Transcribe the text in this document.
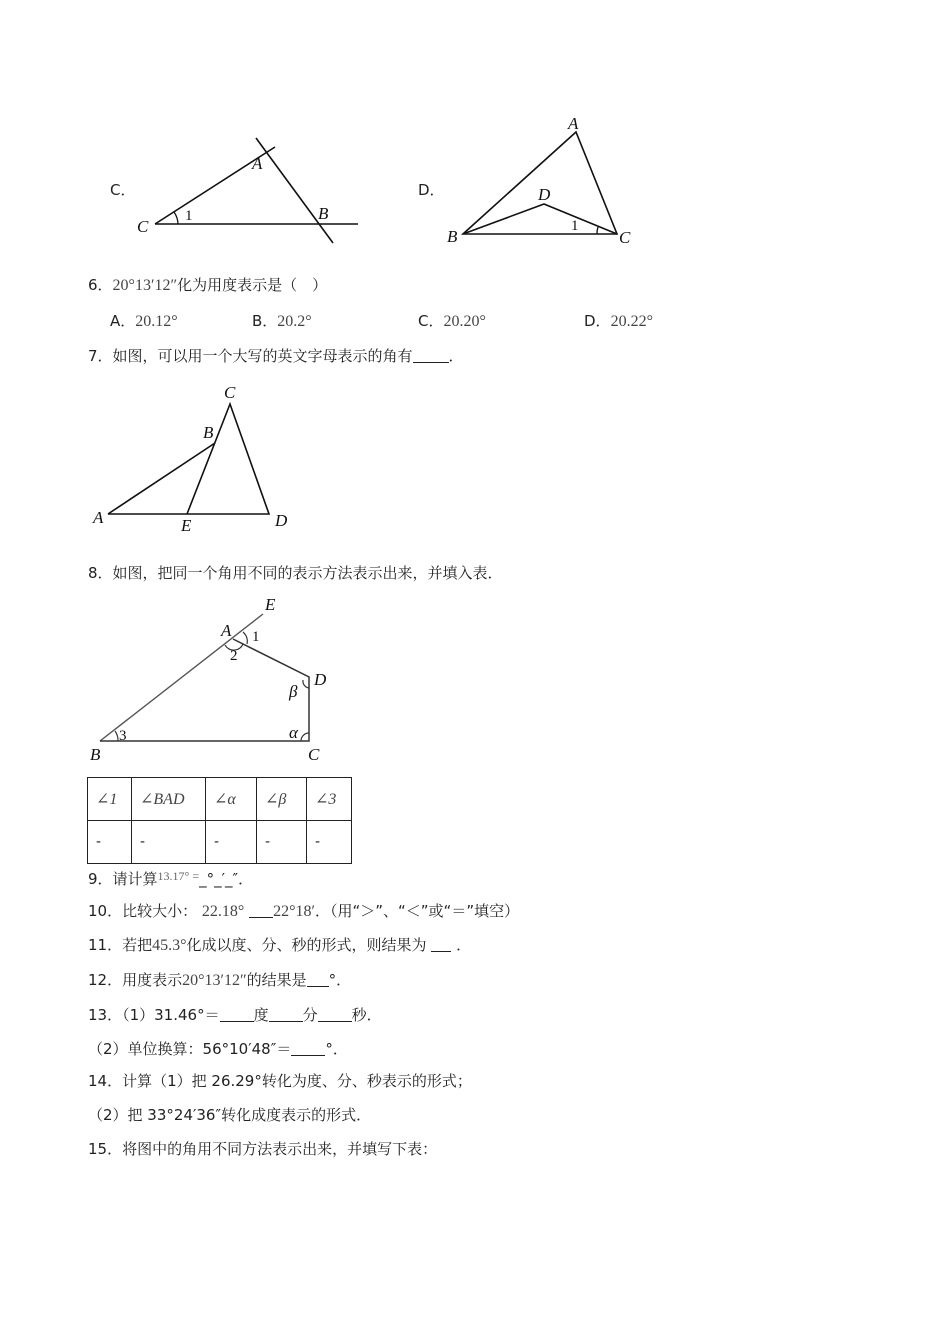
C．
A
B
C
1
D．
A
B	C
D
1
6．20°13′12″化为用度表示是（　）
A．20.12°	B．20.2°	C．20.20°	D．20.22°
7．如图，可以用一个大写的英文字母表示的角有 ．
A
B
C
D
E
8．如图，把同一个角用不同的表示方法表示出来，并填入表．
A
B	C
D
E
1
2
3	α
β
∠1	∠BAD	∠α	∠β	∠3
-	-	-	-	-
9．请计算$^{13.17^\circ =}$_°_′_″．
10．比较大小： 22.18° 22°18′．（用“＞”、“＜”或“＝”填空）
11．若把45.3°化成以度、分、秒的形式，则结果为 ．
12．用度表示20°13′12″的结果是 °．
13．（1）31.46°＝ 度 分 秒．
（2）单位换算：56°10′48″＝ °．
14．计算（1）把 26.29°转化为度、分、秒表示的形式；
（2）把 33°24′36″转化成度表示的形式．
15．将图中的角用不同方法表示出来，并填写下表：
